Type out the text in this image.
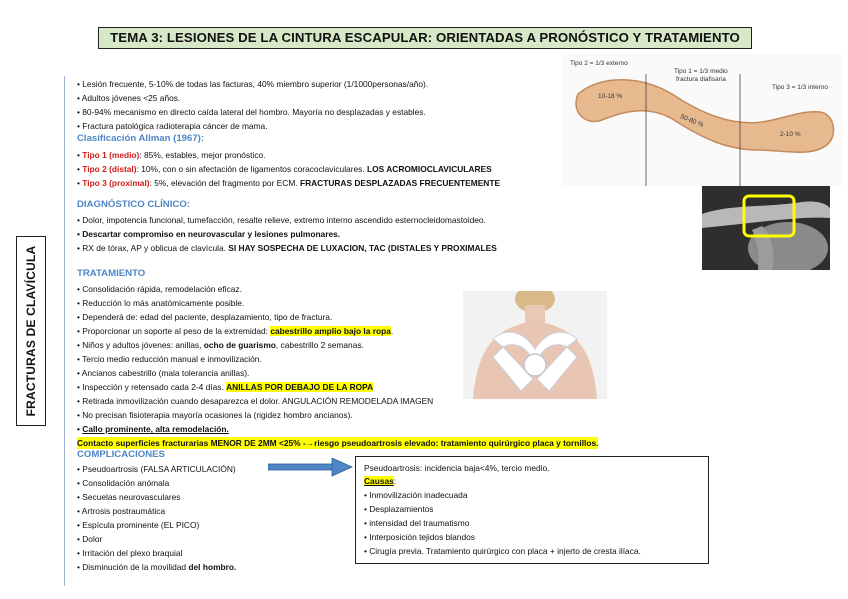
TEMA 3: LESIONES DE LA CINTURA ESCAPULAR: ORIENTADAS A PRONÓSTICO Y TRATAMIENTO
FRACTURAS DE CLAVÍCULA
• Lesión frecuente, 5-10% de todas las facturas, 40% miembro superior (1/1000personas/año).
• Adultos jóvenes <25 años.
• 80-94% mecanismo en directo caída lateral del hombro. Mayoría no desplazadas y estables.
• Fractura patológica radioterapia cáncer de mama.
Clasificación Allman (1967):
• Tipo 1 (medio): 85%, estables, mejor pronóstico.
• Tipo 2 (distal): 10%, con o sin afectación de ligamentos coracoclaviculares. LOS ACROMIOCLAVICULARES
• Tipo 3 (proximal): 5%, elevación del fragmento por ECM. FRACTURAS DESPLAZADAS FRECUENTEMENTE
DIAGNÓSTICO CLÍNICO:
• Dolor, impotencia funcional, tumefacción, resalte relieve, extremo interno ascendido esternocleidomastoideo.
• Descartar compromiso en neurovascular y lesiones pulmonares.
• RX de tórax, AP y oblicua de clavícula. SI HAY SOSPECHA DE LUXACION, TAC (DISTALES Y PROXIMALES
TRATAMIENTO
• Consolidación rápida, remodelación eficaz.
• Reducción lo más anatómicamente posible.
• Dependerá de: edad del paciente, desplazamiento, tipo de fractura.
• Proporcionar un soporte al peso de la extremidad: cabestrillo amplio bajo la ropa.
• Niños y adultos jóvenes: anillas, ocho de guarismo, cabestrillo 2 semanas.
• Tercio medio reducción manual e inmovilización.
• Ancianos cabestrillo (mala tolerancia anillas).
• Inspección y retensado cada 2-4 días. ANILLAS POR DEBAJO DE LA ROPA
• Retirada inmovilización cuando desaparezca el dolor. ANGULACIÓN REMODELADA IMAGEN
• No precisan fisioterapia mayoría ocasiones la (rigidez hombro ancianos).
• Callo prominente, alta remodelación.
Contacto superficies fracturarias MENOR DE 2MM <25% -→riesgo pseudoartrosis elevado: tratamiento quirúrgico placa y tornillos.
COMPLICACIONES
• Pseudoartrosis (FALSA ARTICULACIÓN)
• Consolidación anómala
• Secuelas neurovasculares
• Artrosis postraumática
• Espícula prominente (EL PICO)
• Dolor
• Irritación del plexo braquial
• Disminución de la movilidad del hombro.
Pseudoartrosis: incidencia baja<4%, tercio medio.
Causas:
• Inmovilización inadecuada
• Desplazamientos
• intensidad del traumatismo
• Interposición tejidos blandos
• Cirugía previa. Tratamiento quirúrgico con placa + injerto de cresta ilíaca.
Tipo 2 = 1/3 externo
Tipo 1 = 1/3 medio
fractura diafisaria
Tipo 3 = 1/3 interno
10-18 %
50-80 %
2-10 %
